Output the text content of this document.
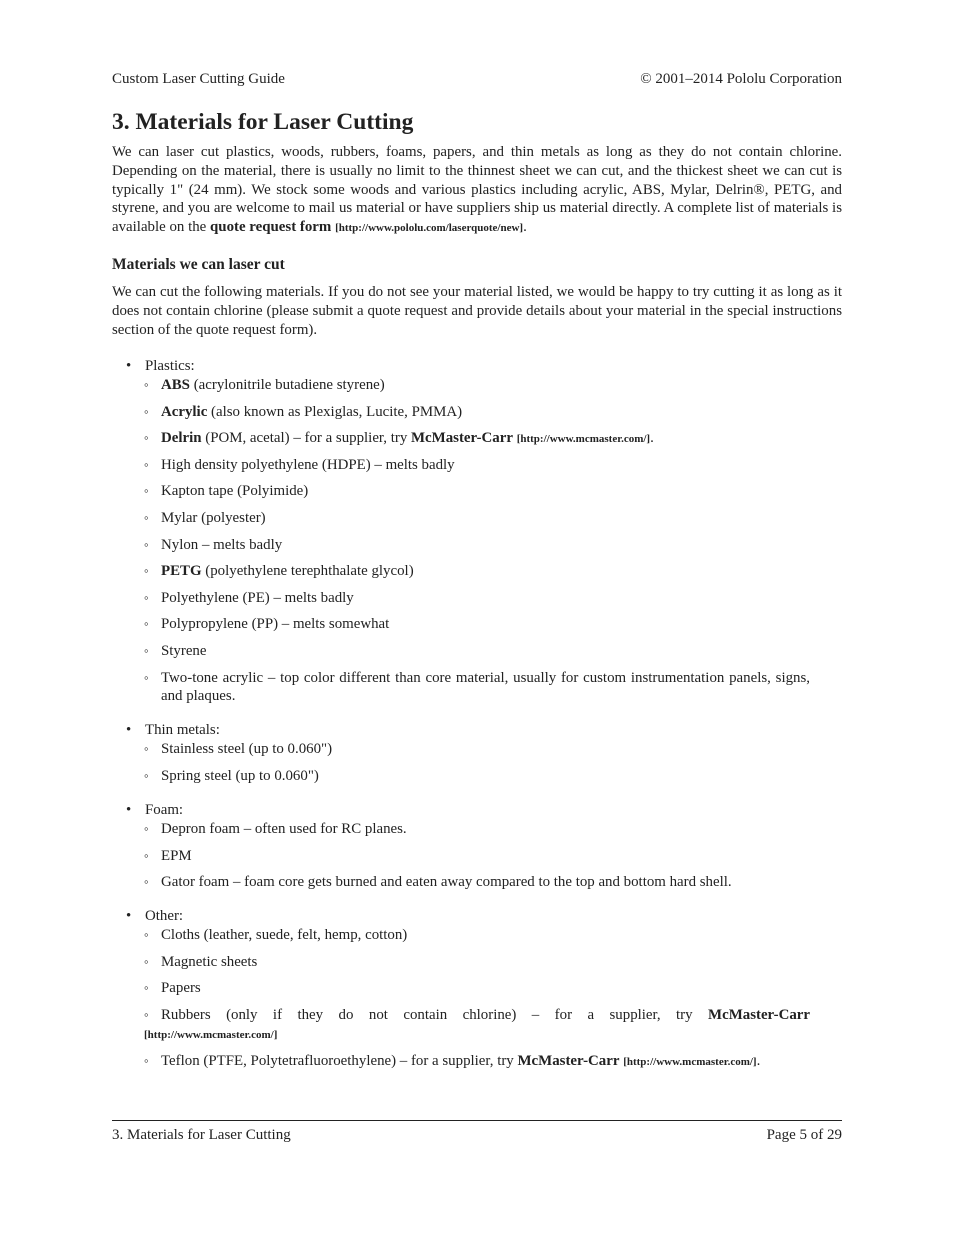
Custom Laser Cutting Guide	© 2001–2014 Pololu Corporation
3. Materials for Laser Cutting

We can laser cut plastics, woods, rubbers, foams, papers, and thin metals as long as they do not contain chlorine. Depending on the material, there is usually no limit to the thinnest sheet we can cut, and the thickest sheet we can cut is typically 1" (24 mm). We stock some woods and various plastics including acrylic, ABS, Mylar, Delrin®, PETG, and styrene, and you are welcome to mail us material or have suppliers ship us material directly. A complete list of materials is available on the quote request form [http://www.pololu.com/laserquote/new].

Materials we can laser cut

We can cut the following materials. If you do not see your material listed, we would be happy to try cutting it as long as it does not contain chlorine (please submit a quote request and provide details about your material in the special instructions section of the quote request form).

• Plastics:
◦ ABS (acrylonitrile butadiene styrene)
◦ Acrylic (also known as Plexiglas, Lucite, PMMA)
◦ Delrin (POM, acetal) – for a supplier, try McMaster-Carr [http://www.mcmaster.com/].
◦ High density polyethylene (HDPE) – melts badly
◦ Kapton tape (Polyimide)
◦ Mylar (polyester)
◦ Nylon – melts badly
◦ PETG (polyethylene terephthalate glycol)
◦ Polyethylene (PE) – melts badly
◦ Polypropylene (PP) – melts somewhat
◦ Styrene
◦ Two-tone acrylic – top color different than core material, usually for custom instrumentation panels, signs, and plaques.
• Thin metals:
◦ Stainless steel (up to 0.060")
◦ Spring steel (up to 0.060")
• Foam:
◦ Depron foam – often used for RC planes.
◦ EPM
◦ Gator foam – foam core gets burned and eaten away compared to the top and bottom hard shell.
• Other:
◦ Cloths (leather, suede, felt, hemp, cotton)
◦ Magnetic sheets
◦ Papers
◦ Rubbers (only if they do not contain chlorine) – for a supplier, try McMaster-Carr
[http://www.mcmaster.com/]
◦ Teflon (PTFE, Polytetrafluoroethylene) – for a supplier, try McMaster-Carr [http://www.mcmaster.com/].
3. Materials for Laser Cutting	Page 5 of 29
